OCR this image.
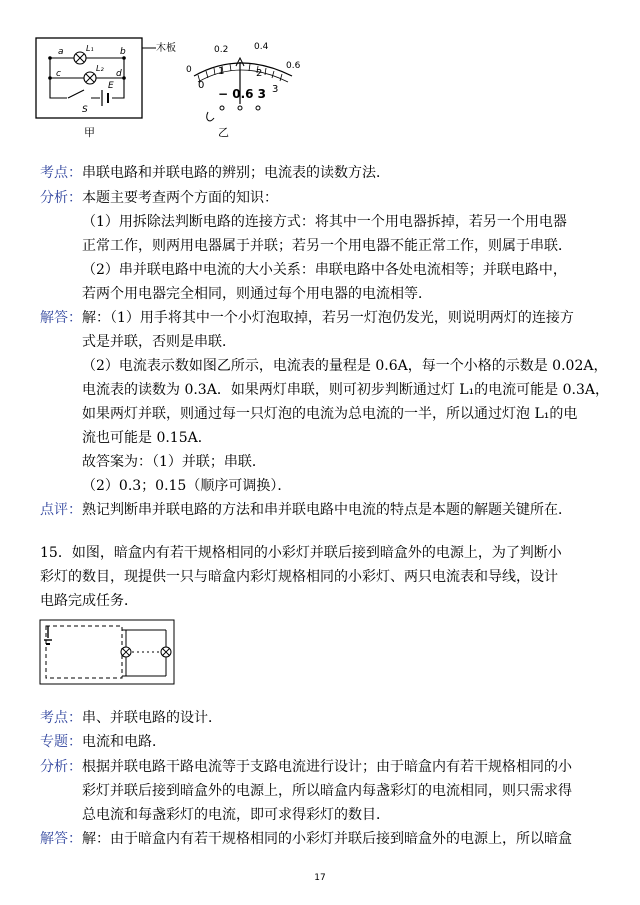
a	b
c	d
L₁
L₂
E
S
木板
甲
0.2	0.4
0.6
0	1	2
3
0
− 0.6 3
乙
考点：串联电路和并联电路的辨别；电流表的读数方法．
分析：本题主要考查两个方面的知识：
（1）用拆除法判断电路的连接方式：将其中一个用电器拆掉，若另一个用电器
正常工作，则两用电器属于并联；若另一个用电器不能正常工作，则属于串联．
（2）串并联电路中电流的大小关系：串联电路中各处电流相等；并联电路中，
若两个用电器完全相同，则通过每个用电器的电流相等．
解答：解：（1）用手将其中一个小灯泡取掉，若另一灯泡仍发光，则说明两灯的连接方
式是并联，否则是串联．
（2）电流表示数如图乙所示，电流表的量程是 0.6A，每一个小格的示数是 0.02A，
电流表的读数为 0.3A．如果两灯串联，则可初步判断通过灯 L₁的电流可能是 0.3A，
如果两灯并联，则通过每一只灯泡的电流为总电流的一半，所以通过灯泡 L₁的电
流也可能是 0.15A．
故答案为：（1）并联；串联．
（2）0.3；0.15（顺序可调换）．
点评：熟记判断串并联电路的方法和串并联电路中电流的特点是本题的解题关键所在．
15．如图，暗盒内有若干规格相同的小彩灯并联后接到暗盒外的电源上，为了判断小
彩灯的数目，现提供一只与暗盒内彩灯规格相同的小彩灯、两只电流表和导线，设计
电路完成任务．
考点：串、并联电路的设计．
专题：电流和电路．
分析：根据并联电路干路电流等于支路电流进行设计；由于暗盒内有若干规格相同的小
彩灯并联后接到暗盒外的电源上，所以暗盒内每盏彩灯的电流相同，则只需求得
总电流和每盏彩灯的电流，即可求得彩灯的数目．
解答：解：由于暗盒内有若干规格相同的小彩灯并联后接到暗盒外的电源上，所以暗盒
17
